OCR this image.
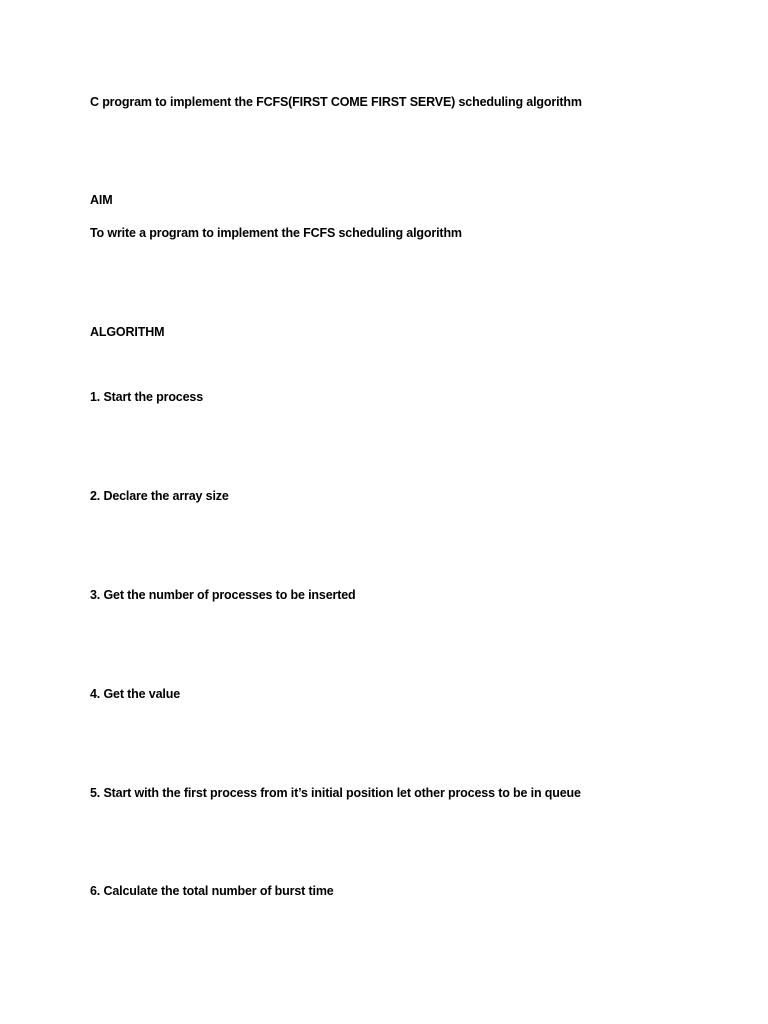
C program to implement the FCFS(FIRST COME FIRST SERVE) scheduling algorithm

AIM

To write a program to implement the FCFS scheduling algorithm

ALGORITHM

1. Start the process

2. Declare the array size

3. Get the number of processes to be inserted

4. Get the value

5. Start with the first process from it’s initial position let other process to be in queue

6. Calculate the total number of burst time
